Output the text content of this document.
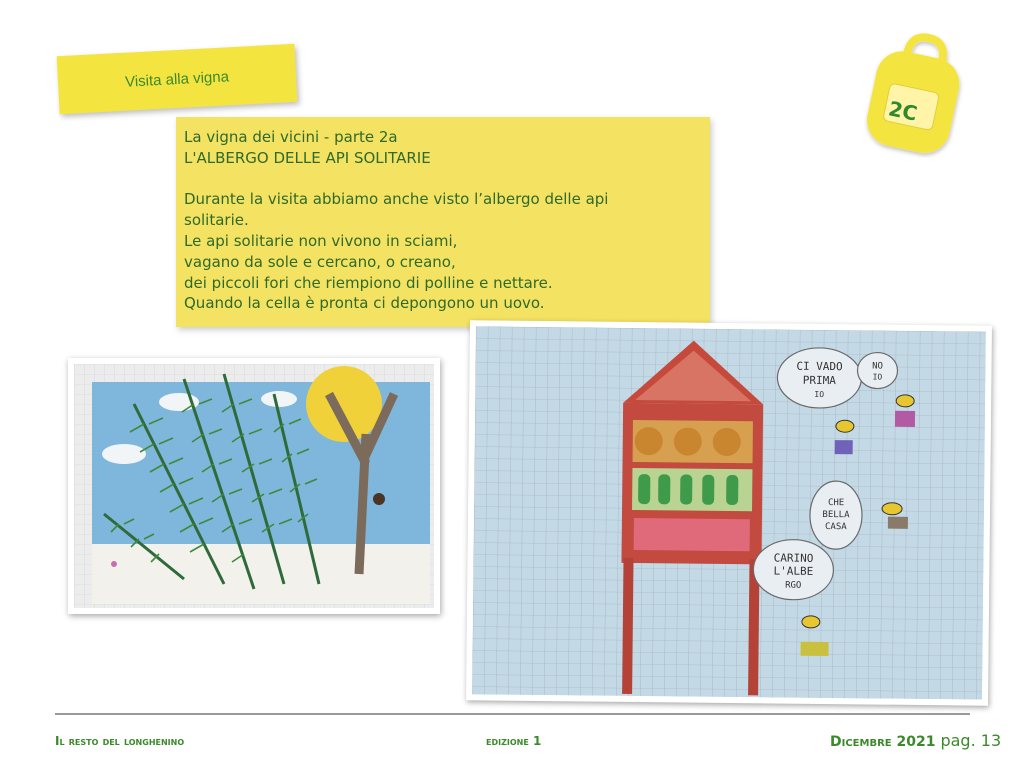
Visita alla vigna
2C
La vigna dei vicini - parte 2a
L'ALBERGO DELLE API SOLITARIE
Durante la visita abbiamo anche visto l’albergo delle api
solitarie.
Le api solitarie non vivono in sciami,
vagano da sole e cercano, o creano,
dei piccoli fori che riempiono di polline e nettare.
Quando la cella è pronta ci depongono un uovo.
CI VADO
PRIMA
IO
NO
IO
CHE
BELLA
CASA
CARINO
L'ALBE
RGO
Il resto del longhenino	edizione 1	Dicembre 2021 pag. 13
